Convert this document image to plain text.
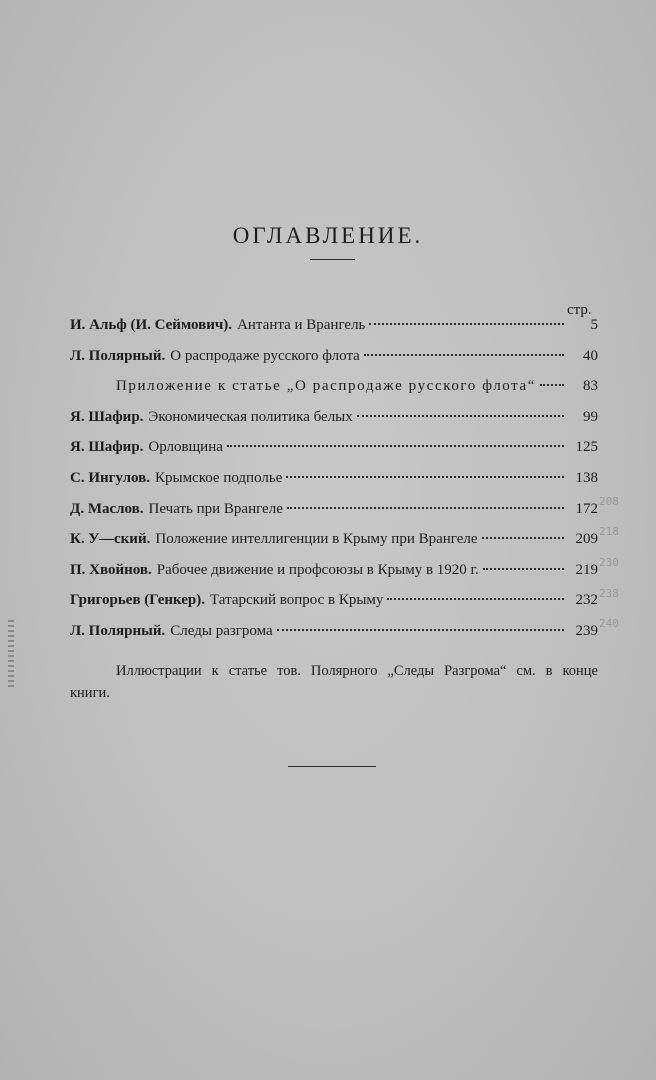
ОГЛАВЛЕНИЕ.
стр.
И. Альф (И. Сеймович). Антанта и Врангель	5
Л. Полярный. О распродаже русского флота	40
Приложение к статье „О распродаже русского флота“	83
Я. Шафир. Экономическая политика белых	99
Я. Шафир. Орловщина	125
С. Ингулов. Крымское подполье	138
Д. Маслов. Печать при Врангеле	172
К. У—ский. Положение интеллигенции в Крыму при Врангеле	209
П. Хвойнов. Рабочее движение и профсоюзы в Крыму в 1920 г.	219
Григорьев (Генкер). Татарский вопрос в Крыму	232
Л. Полярный. Следы разгрома	239
208
218
230
238
240

Иллюстрации к статье тов. Полярного „Следы Разгрома“ см. в конце книги.
